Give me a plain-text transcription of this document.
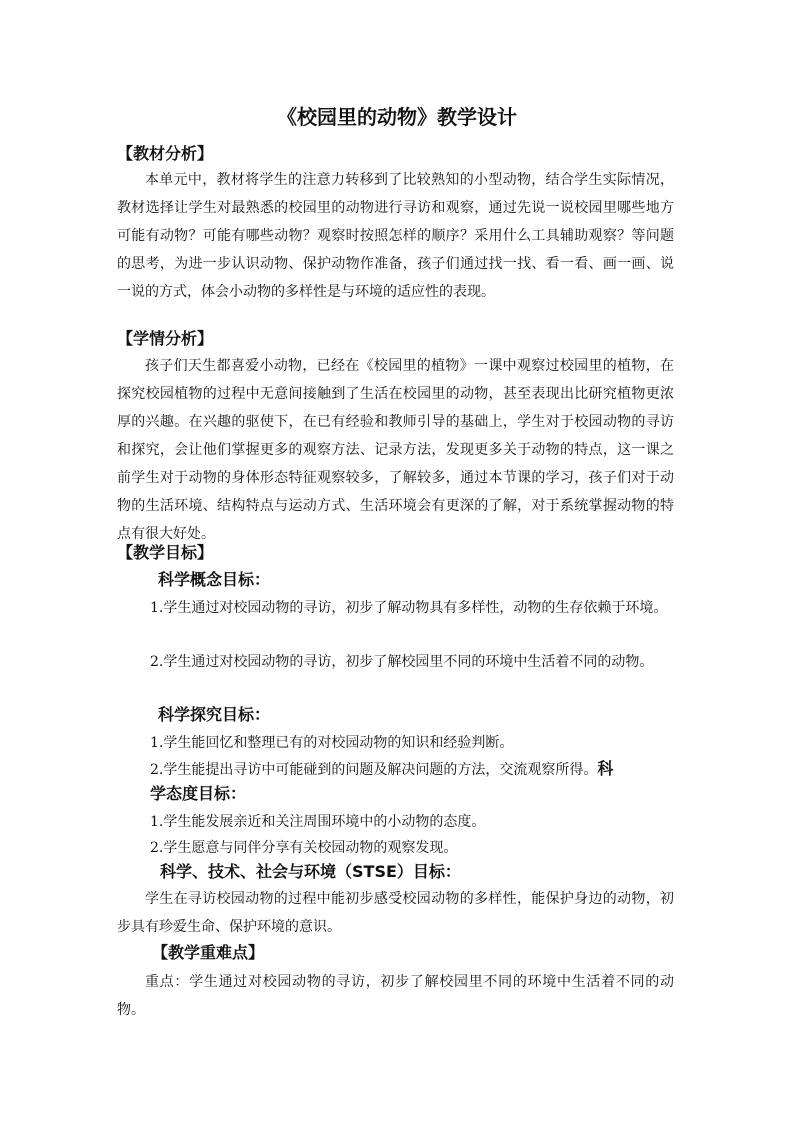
《校园里的动物》教学设计
【教材分析】

本单元中，教材将学生的注意力转移到了比较熟知的小型动物，结合学生实际情况，教材选择让学生对最熟悉的校园里的动物进行寻访和观察，通过先说一说校园里哪些地方可能有动物？可能有哪些动物？观察时按照怎样的顺序？采用什么工具辅助观察？等问题的思考，为进一步认识动物、保护动物作准备，孩子们通过找一找、看一看、画一画、说一说的方式，体会小动物的多样性是与环境的适应性的表现。

【学情分析】

孩子们天生都喜爱小动物，已经在《校园里的植物》一课中观察过校园里的植物，在探究校园植物的过程中无意间接触到了生活在校园里的动物，甚至表现出比研究植物更浓厚的兴趣。在兴趣的驱使下，在已有经验和教师引导的基础上，学生对于校园动物的寻访和探究，会让他们掌握更多的观察方法、记录方法，发现更多关于动物的特点，这一课之前学生对于动物的身体形态特征观察较多，了解较多，通过本节课的学习，孩子们对于动物的生活环境、结构特点与运动方式、生活环境会有更深的了解，对于系统掌握动物的特点有很大好处。

【教学目标】
科学概念目标：

1.学生通过对校园动物的寻访，初步了解动物具有多样性，动物的生存依赖于环境。

2.学生通过对校园动物的寻访，初步了解校园里不同的环境中生活着不同的动物。

科学探究目标：

1.学生能回忆和整理已有的对校园动物的知识和经验判断。

2.学生能提出寻访中可能碰到的问题及解决问题的方法，交流观察所得。科

学态度目标：

1.学生能发展亲近和关注周围环境中的小动物的态度。

2.学生愿意与同伴分享有关校园动物的观察发现。

科学、技术、社会与环境（STSE）目标：

学生在寻访校园动物的过程中能初步感受校园动物的多样性，能保护身边的动物，初步具有珍爱生命、保护环境的意识。

【教学重难点】

重点：学生通过对校园动物的寻访，初步了解校园里不同的环境中生活着不同的动物。
